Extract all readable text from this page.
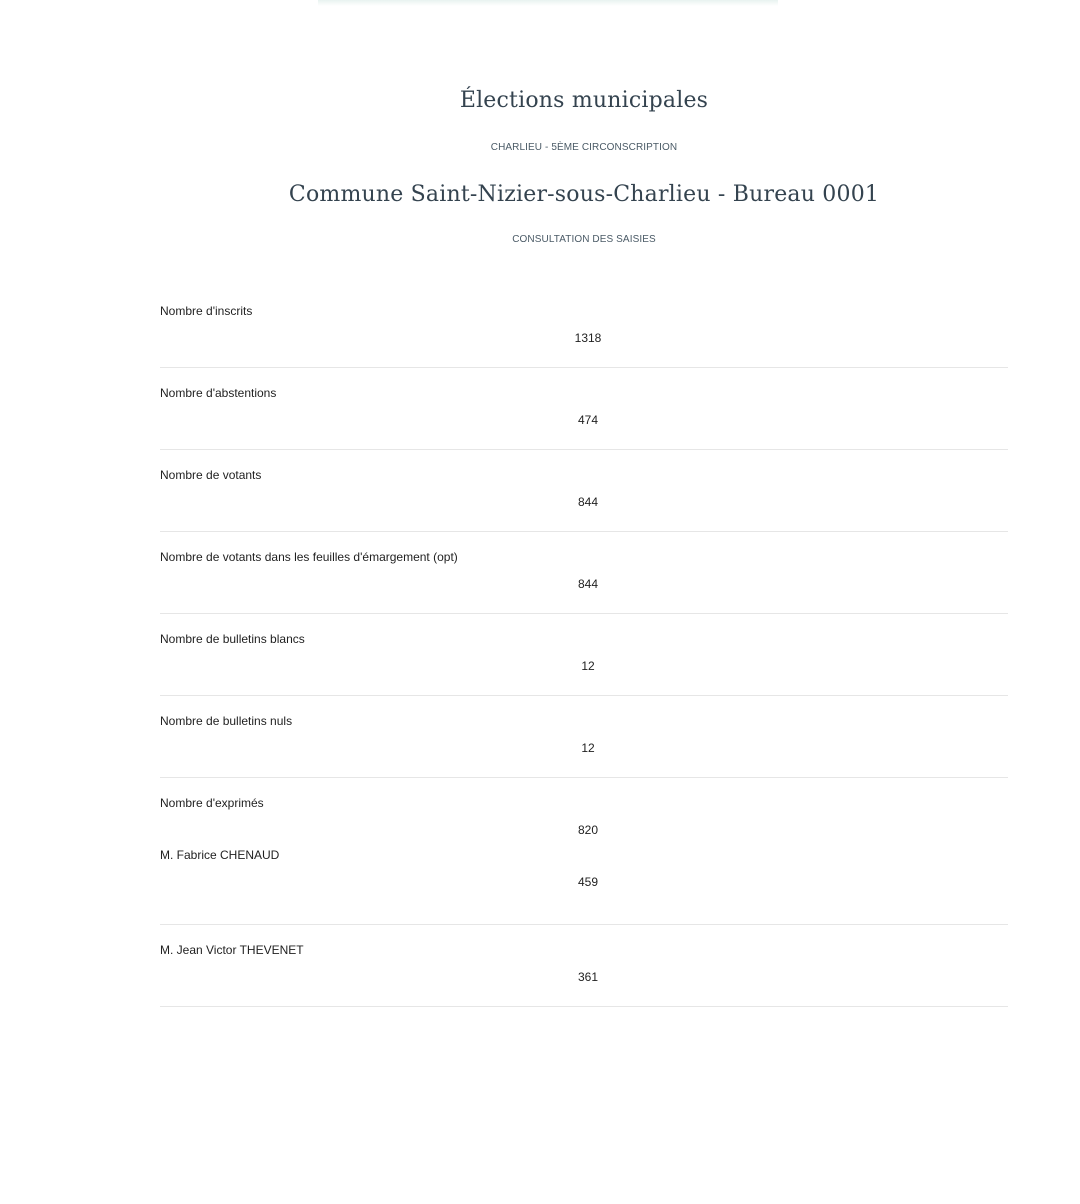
Élections municipales
CHARLIEU - 5ÈME CIRCONSCRIPTION
Commune Saint-Nizier-sous-Charlieu - Bureau 0001
CONSULTATION DES SAISIES
Nombre d'inscrits
1318
Nombre d'abstentions
474
Nombre de votants
844
Nombre de votants dans les feuilles d'émargement (opt)
844
Nombre de bulletins blancs
12
Nombre de bulletins nuls
12
Nombre d'exprimés
820
M. Fabrice CHENAUD
459
M. Jean Victor THEVENET
361
